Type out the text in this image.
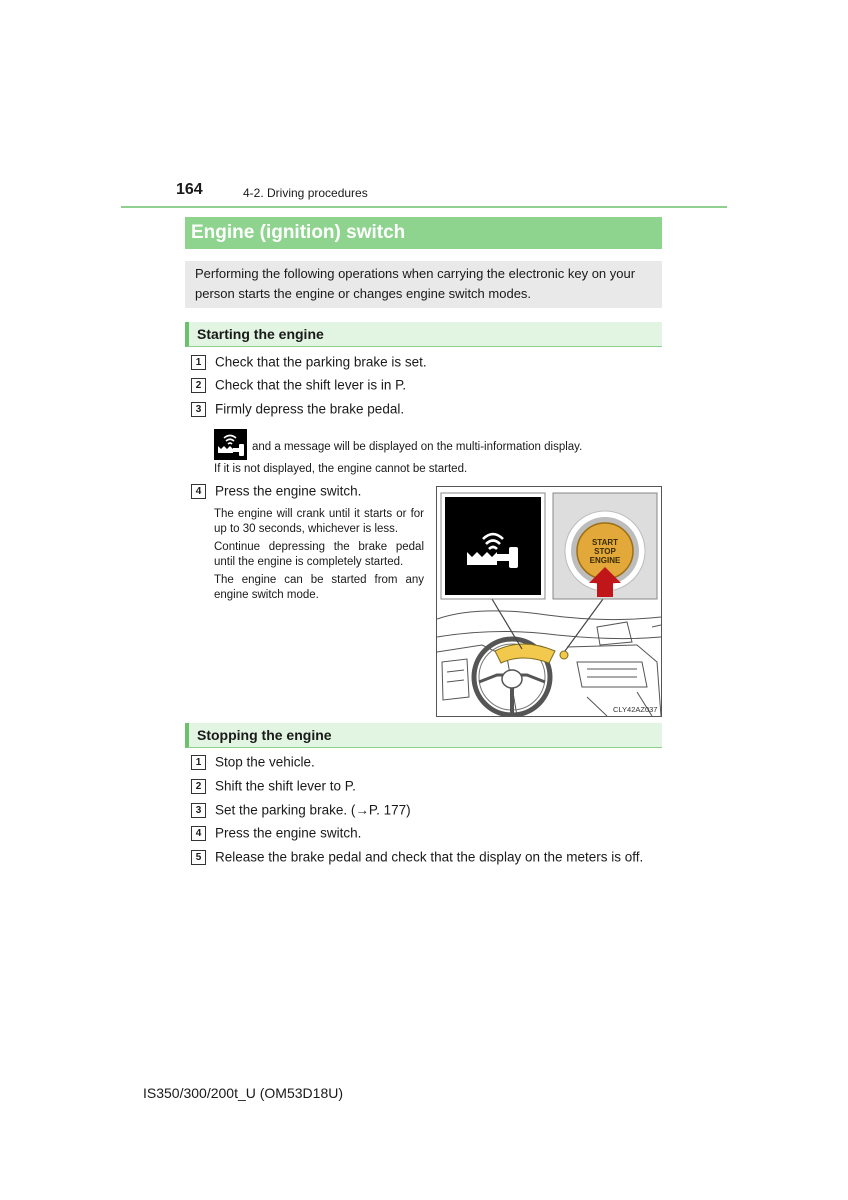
164	4-2. Driving procedures
Engine (ignition) switch
Performing the following operations when carrying the electronic key on your person starts the engine or changes engine switch modes.
Starting the engine
1 Check that the parking brake is set.
2 Check that the shift lever is in P.
3 Firmly depress the brake pedal.
and a message will be displayed on the multi-information display.
If it is not displayed, the engine cannot be started.
4 Press the engine switch.
The engine will crank until it starts or for up to 30 seconds, whichever is less.
Continue depressing the brake pedal until the engine is completely started.
The engine can be started from any engine switch mode.
START
STOP
ENGINE
CLY42AZ037
Stopping the engine
1 Stop the vehicle.
2 Shift the shift lever to P.
3 Set the parking brake. (→P. 177)
4 Press the engine switch.
5 Release the brake pedal and check that the display on the meters is off.
IS350/300/200t_U (OM53D18U)
